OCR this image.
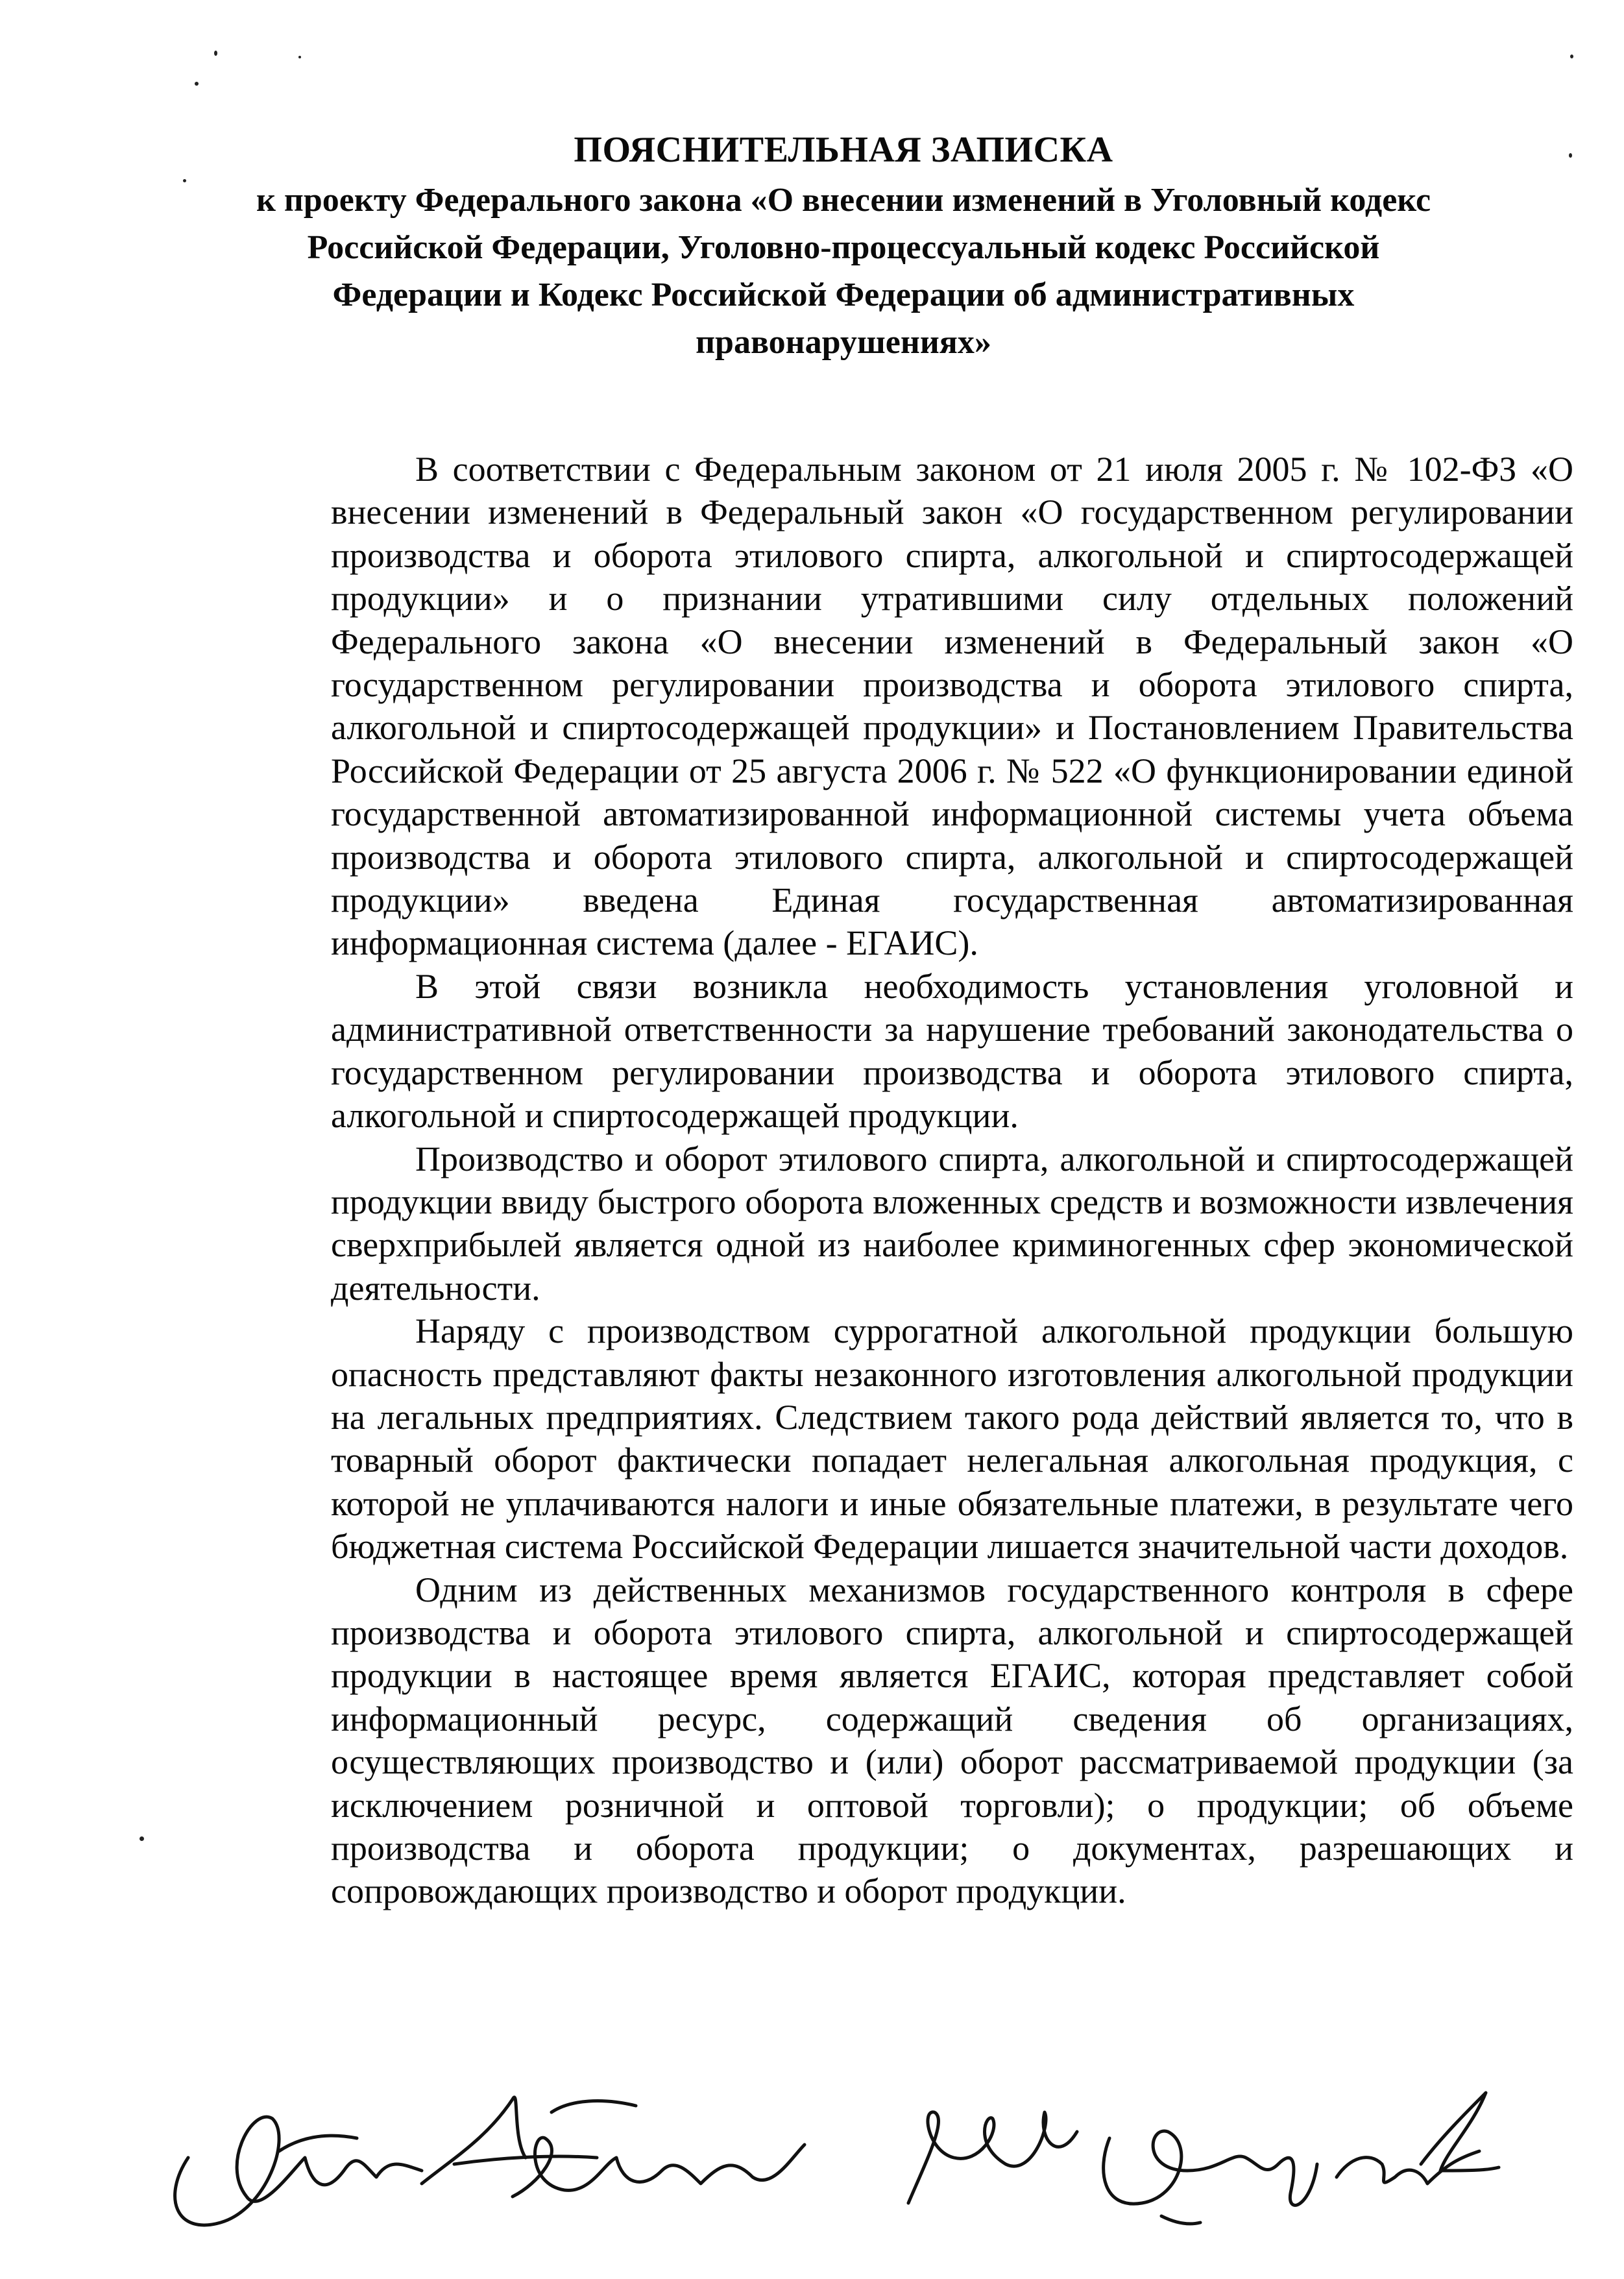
ПОЯСНИТЕЛЬНАЯ ЗАПИСКА
к проекту Федерального закона «О внесении изменений в Уголовный кодекс Российской Федерации, Уголовно-процессуальный кодекс Российской Федерации и Кодекс Российской Федерации об административных правонарушениях»

В соответствии с Федеральным законом от 21 июля 2005 г. № 102-ФЗ «О внесении изменений в Федеральный закон «О государственном регулировании производства и оборота этилового спирта, алкогольной и спиртосодержащей продукции» и о признании утратившими силу отдельных положений Федерального закона «О внесении изменений в Федеральный закон «О государственном регулировании производства и оборота этилового спирта, алкогольной и спиртосодержащей продукции» и Постановлением Правительства Российской Федерации от 25 августа 2006 г. № 522 «О функционировании единой государственной автоматизированной информационной системы учета объема производства и оборота этилового спирта, алкогольной и спиртосодержащей продукции» введена Единая государственная автоматизированная информационная система (далее - ЕГАИС).

В этой связи возникла необходимость установления уголовной и административной ответственности за нарушение требований законодательства о государственном регулировании производства и оборота этилового спирта, алкогольной и спиртосодержащей продукции.

Производство и оборот этилового спирта, алкогольной и спиртосодержащей продукции ввиду быстрого оборота вложенных средств и возможности извлечения сверхприбылей является одной из наиболее криминогенных сфер экономической деятельности.

Наряду с производством суррогатной алкогольной продукции большую опасность представляют факты незаконного изготовления алкогольной продукции на легальных предприятиях. Следствием такого рода действий является то, что в товарный оборот фактически попадает нелегальная алкогольная продукция, с которой не уплачиваются налоги и иные обязательные платежи, в результате чего бюджетная система Российской Федерации лишается значительной части доходов.

Одним из действенных механизмов государственного контроля в сфере производства и оборота этилового спирта, алкогольной и спиртосодержащей продукции в настоящее время является ЕГАИС, которая представляет собой информационный ресурс, содержащий сведения об организациях, осуществляющих производство и (или) оборот рассматриваемой продукции (за исключением розничной и оптовой торговли); о продукции; об объеме производства и оборота продукции; о документах, разрешающих и сопровождающих производство и оборот продукции.
